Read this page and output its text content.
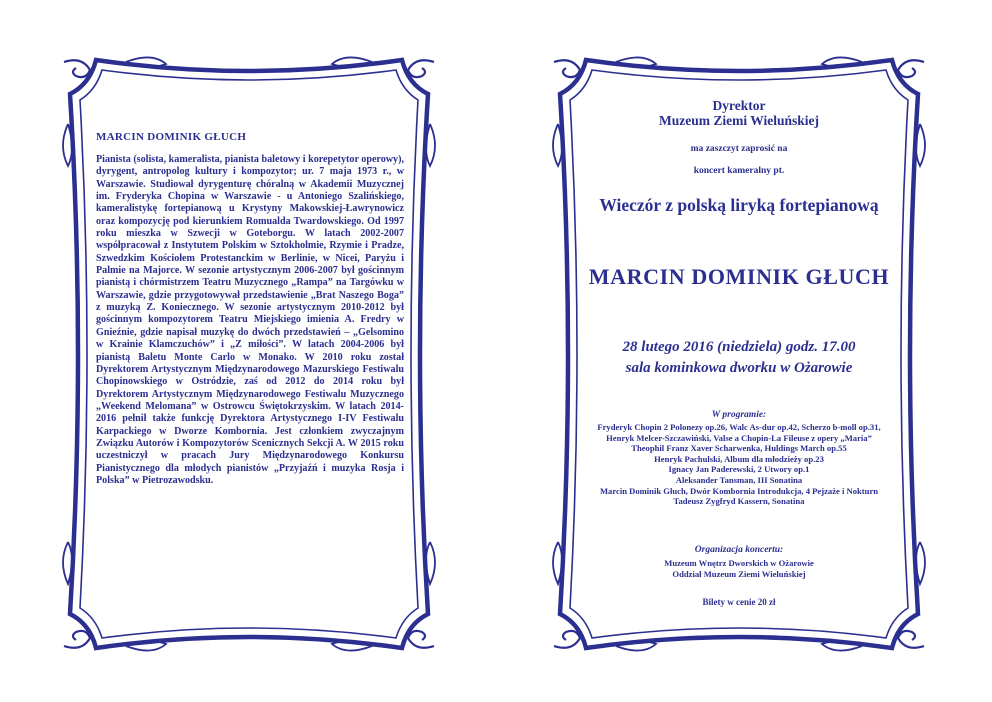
MARCIN DOMINIK GŁUCH
Pianista (solista, kameralista, pianista baletowy i korepetytor operowy), dyrygent, antropolog kultury i kompozytor; ur. 7 maja 1973 r., w Warszawie. Studiował dyrygenturę chóralną w Akademii Muzycznej im. Fryderyka Chopina w Warszawie - u Antoniego Szalińskiego, kameralistykę fortepianową u Krystyny Makowskiej-Ławrynowicz oraz kompozycję pod kierunkiem Romualda Twardowskiego. Od 1997 roku mieszka w Szwecji w Goteborgu. W latach 2002-2007 współpracował z Instytutem Polskim w Sztokholmie, Rzymie i Pradze, Szwedzkim Kościołem Protestanckim w Berlinie, w Nicei, Paryżu i Palmie na Majorce. W sezonie artystycznym 2006-2007 był gościnnym pianistą i chórmistrzem Teatru Muzycznego „Rampa” na Targówku w Warszawie, gdzie przygotowywał przedstawienie „Brat Naszego Boga” z muzyką Z. Koniecznego. W sezonie artystycznym 2010-2012 był gościnnym kompozytorem Teatru Miejskiego imienia A. Fredry w Gnieźnie, gdzie napisał muzykę do dwóch przedstawień – „Gelsomino w Krainie Klamczuchów” i „Z miłości”. W latach 2004-2006 był pianistą Baletu Monte Carlo w Monako. W 2010 roku został Dyrektorem Artystycznym Międzynarodowego Mazurskiego Festiwalu Chopinowskiego w Ostródzie, zaś od 2012 do 2014 roku był Dyrektorem Artystycznym Międzynarodowego Festiwalu Muzycznego „Weekend Melomana” w Ostrowcu Świętokrzyskim. W latach 2014-2016 pełnił także funkcję Dyrektora Artystycznego I-IV Festiwalu Karpackiego w Dworze Kombornia. Jest członkiem zwyczajnym Związku Autorów i Kompozytorów Scenicznych Sekcji A. W 2015 roku uczestniczył w pracach Jury Międzynarodowego Konkursu Pianistycznego dla młodych pianistów „Przyjaźń i muzyka Rosja i Polska” w Pietrozawodsku.
Dyrektor
Muzeum Ziemi Wieluńskiej
ma zaszczyt zaprosić na
koncert kameralny pt.
Wieczór z polską liryką fortepianową
MARCIN DOMINIK GŁUCH
28 lutego 2016 (niedziela) godz. 17.00
sala kominkowa dworku w Ożarowie
W programie:
Fryderyk Chopin 2 Polonezy op.26, Walc As-dur op.42, Scherzo b-moll op.31,
Henryk Melcer-Szczawiński, Valse a Chopin-La Fileuse z opery „Maria”
Theophil Franz Xaver Scharwenka, Huldings March op.55
Henryk Pachulski, Album dla młodzieży op.23
Ignacy Jan Paderewski, 2 Utwory op.1
Aleksander Tansman, III Sonatina
Marcin Dominik Głuch, Dwór Kombornia Introdukcja, 4 Pejzaże i Nokturn
Tadeusz Zygfryd Kassern, Sonatina
Organizacja koncertu:
Muzeum Wnętrz Dworskich w Ożarowie
Oddział Muzeum Ziemi Wieluńskiej
Bilety w cenie 20 zł
